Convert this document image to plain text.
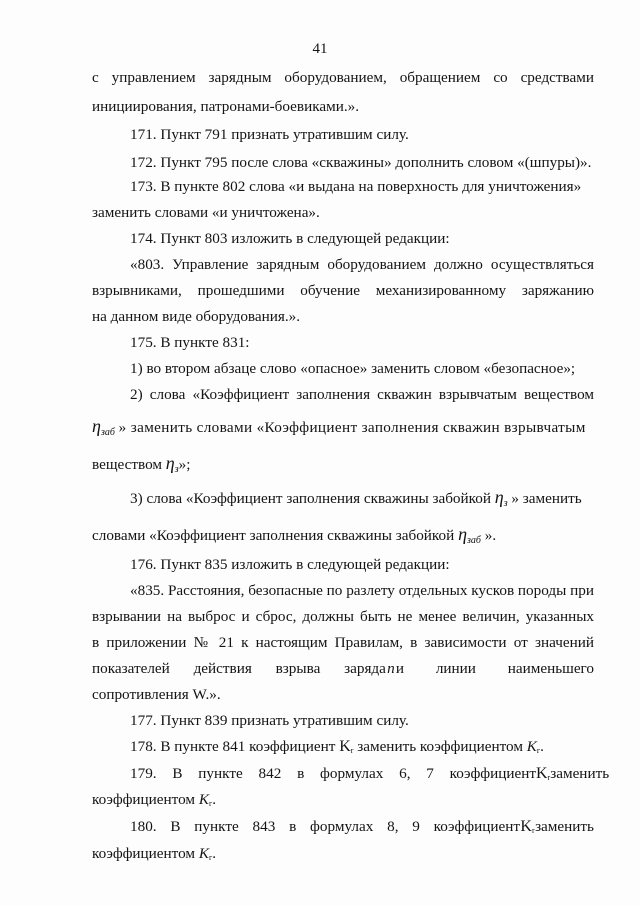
41
с управлением зарядным оборудованием, обращением со средствами
инициирования, патронами-боевиками.».
171. Пункт 791 признать утратившим силу.
172. Пункт 795 после слова «скважины» дополнить словом «(шпуры)».
173. В пункте 802 слова «и выдана на поверхность для уничтожения»
заменить словами «и уничтожена».
174. Пункт 803 изложить в следующей редакции:
«803. Управление зарядным оборудованием должно осуществляться
взрывниками, прошедшими обучение механизированному заряжанию
на данном виде оборудования.».
175. В пункте 831:
1) во втором абзаце слово «опасное» заменить словом «безопасное»;
2) слова «Коэффициент заполнения скважин взрывчатым веществом
$\eta_{заб}$ » заменить словами «Коэффициент заполнения скважин взрывчатым
веществом $\eta_з$»;
3) слова «Коэффициент заполнения скважины забойкой $\eta_з$ » заменить
словами «Коэффициент заполнения скважины забойкой $\eta_{заб}$ ».
176. Пункт 835 изложить в следующей редакции:
«835. Расстояния, безопасные по разлету отдельных кусков породы при
взрывании на выброс и сброс, должны быть не менее величин, указанных
в приложении № 21 к настоящим Правилам, в зависимости от значений
показателей действия взрыва заряда n и линии наименьшего
сопротивления W.».
177. Пункт 839 признать утратившим силу.
178. В пункте 841 коэффициент $K_r$ заменить коэффициентом $K_г$.
179. В пункте 842 в формулах 6, 7 коэффициент $K_r$ заменить
коэффициентом $K_г$.
180. В пункте 843 в формулах 8, 9 коэффициент $K_r$ заменить
коэффициентом $K_г$.
